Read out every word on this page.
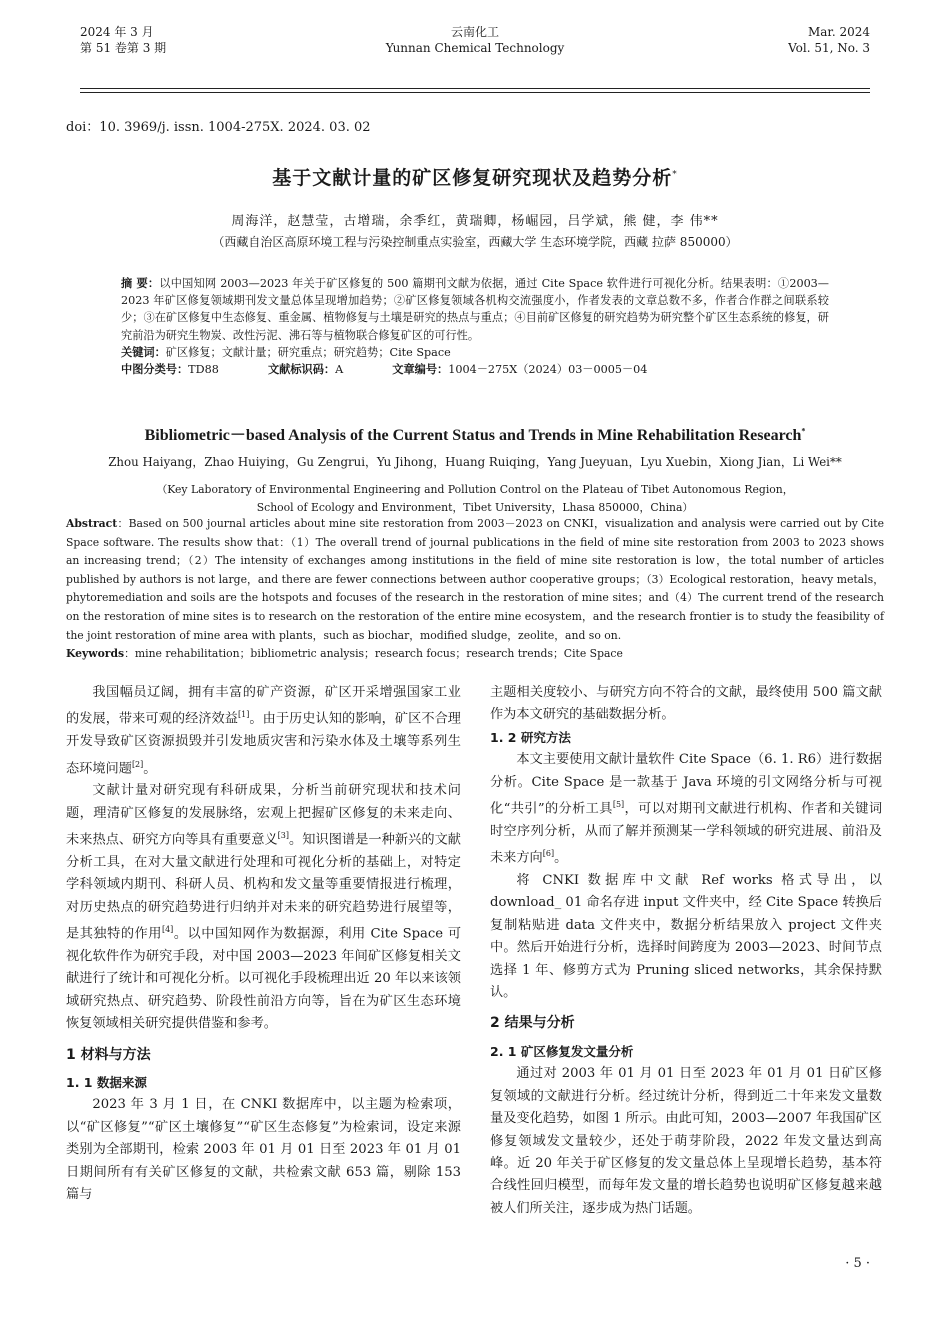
2024 年 3 月
第 51 卷第 3 期
云南化工
Yunnan Chemical Technology
Mar. 2024
Vol. 51, No. 3
doi：10. 3969/j. issn. 1004-275X. 2024. 03. 02
基于文献计量的矿区修复研究现状及趋势分析*
周海洋，赵慧莹，古增瑞，余季红，黄瑞卿，杨崛园，吕学斌，熊 健，李 伟**
（西藏自治区高原环境工程与污染控制重点实验室，西藏大学 生态环境学院，西藏 拉萨 850000）
摘 要：以中国知网 2003—2023 年关于矿区修复的 500 篇期刊文献为依据，通过 Cite Space 软件进行可视化分析。结果表明：①2003—2023 年矿区修复领域期刊发文量总体呈现增加趋势；②矿区修复领域各机构交流强度小，作者发表的文章总数不多，作者合作群之间联系较少；③在矿区修复中生态修复、重金属、植物修复与土壤是研究的热点与重点；④目前矿区修复的研究趋势为研究整个矿区生态系统的修复，研究前沿为研究生物炭、改性污泥、沸石等与植物联合修复矿区的可行性。
关键词：矿区修复；文献计量；研究重点；研究趋势；Cite Space
中图分类号：TD88	文献标识码：A	文章编号：1004－275X（2024）03－0005－04
Bibliometric－based Analysis of the Current Status and Trends in Mine Rehabilitation Research*
Zhou Haiyang，Zhao Huiying，Gu Zengrui，Yu Jihong，Huang Ruiqing，Yang Jueyuan，Lyu Xuebin，Xiong Jian，Li Wei**
（Key Laboratory of Environmental Engineering and Pollution Control on the Plateau of Tibet Autonomous Region，
School of Ecology and Environment，Tibet University，Lhasa 850000，China）
Abstract：Based on 500 journal articles about mine site restoration from 2003－2023 on CNKI，visualization and analysis were carried out by Cite Space software. The results show that：（1）The overall trend of journal publications in the field of mine site restoration from 2003 to 2023 shows an increasing trend；（2）The intensity of exchanges among institutions in the field of mine site restoration is low，the total number of articles published by authors is not large，and there are fewer connections between author cooperative groups；（3）Ecological restoration，heavy metals，phytoremediation and soils are the hotspots and focuses of the research in the restoration of mine sites；and（4）The current trend of the research on the restoration of mine sites is to research on the restoration of the entire mine ecosystem，and the research frontier is to study the feasibility of the joint restoration of mine area with plants，such as biochar，modified sludge，zeolite，and so on.
Keywords：mine rehabilitation；bibliometric analysis；research focus；research trends；Cite Space

我国幅员辽阔，拥有丰富的矿产资源，矿区开采增强国家工业的发展，带来可观的经济效益[1]。由于历史认知的影响，矿区不合理开发导致矿区资源损毁并引发地质灾害和污染水体及土壤等系列生态环境问题[2]。

文献计量对研究现有科研成果，分析当前研究现状和技术问题，理清矿区修复的发展脉络，宏观上把握矿区修复的未来走向、未来热点、研究方向等具有重要意义[3]。知识图谱是一种新兴的文献分析工具，在对大量文献进行处理和可视化分析的基础上，对特定学科领域内期刊、科研人员、机构和发文量等重要情报进行梳理，对历史热点的研究趋势进行归纳并对未来的研究趋势进行展望等，是其独特的作用[4]。以中国知网作为数据源，利用 Cite Space 可视化软件作为研究手段，对中国 2003—2023 年间矿区修复相关文献进行了统计和可视化分析。以可视化手段梳理出近 20 年以来该领域研究热点、研究趋势、阶段性前沿方向等，旨在为矿区生态环境恢复领域相关研究提供借鉴和参考。

1 材料与方法
1. 1 数据来源

2023 年 3 月 1 日，在 CNKI 数据库中，以主题为检索项，以“矿区修复”“矿区土壤修复”“矿区生态修复”为检索词，设定来源类别为全部期刊，检索 2003 年 01 月 01 日至 2023 年 01 月 01 日期间所有有关矿区修复的文献，共检索文献 653 篇，剔除 153 篇与

主题相关度较小、与研究方向不符合的文献，最终使用 500 篇文献作为本文研究的基础数据分析。

1. 2 研究方法

本文主要使用文献计量软件 Cite Space（6. 1. R6）进行数据分析。Cite Space 是一款基于 Java 环境的引文网络分析与可视化“共引”的分析工具[5]，可以对期刊文献进行机构、作者和关键词时空序列分析，从而了解并预测某一学科领域的研究进展、前沿及未来方向[6]。

将 CNKI 数据库中文献 Ref works 格式导出，以 download_ 01 命名存进 input 文件夹中，经 Cite Space 转换后复制粘贴进 data 文件夹中，数据分析结果放入 project 文件夹中。然后开始进行分析，选择时间跨度为 2003—2023、时间节点选择 1 年、修剪方式为 Pruning sliced networks，其余保持默认。

2 结果与分析
2. 1 矿区修复发文量分析

通过对 2003 年 01 月 01 日至 2023 年 01 月 01 日矿区修复领域的文献进行分析。经过统计分析，得到近二十年来发文量数量及变化趋势，如图 1 所示。由此可知，2003—2007 年我国矿区修复领域发文量较少，还处于萌芽阶段，2022 年发文量达到高峰。近 20 年关于矿区修复的发文量总体上呈现增长趋势，基本符合线性回归模型，而每年发文量的增长趋势也说明矿区修复越来越被人们所关注，逐步成为热门话题。

· 5 ·
